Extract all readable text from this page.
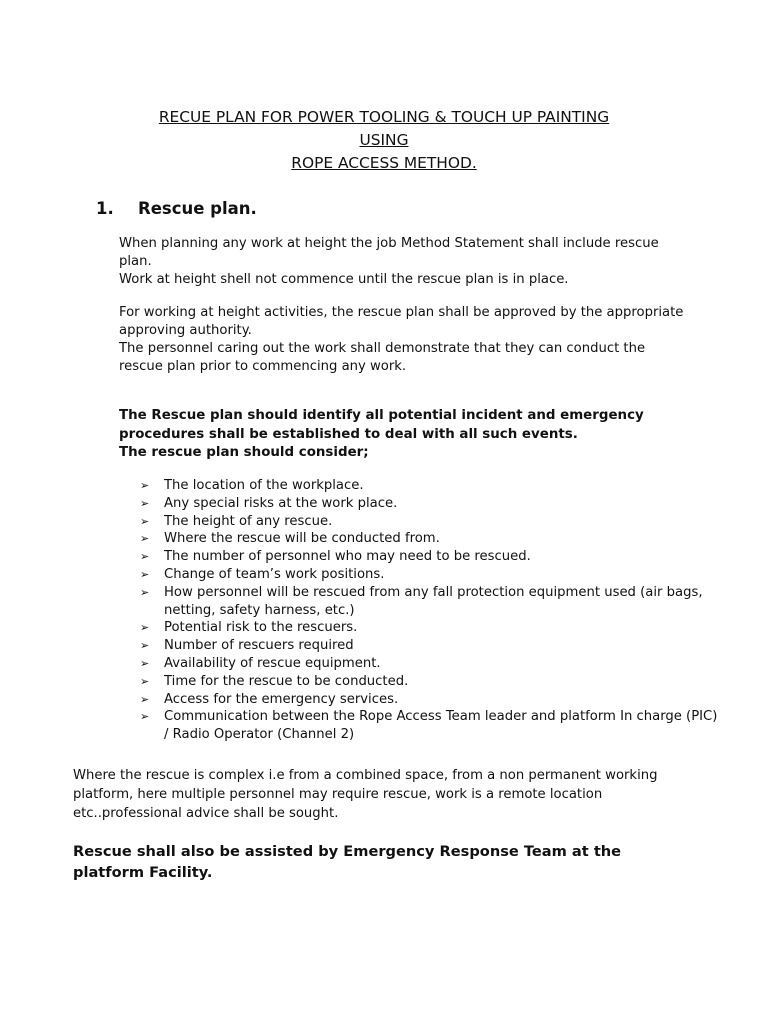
RECUE PLAN FOR POWER TOOLING & TOUCH UP PAINTING
USING
ROPE ACCESS METHOD.
1. Rescue plan.
When planning any work at height the job Method Statement shall include rescue
plan.
Work at height shell not commence until the rescue plan is in place.
For working at height activities, the rescue plan shall be approved by the appropriate
approving authority.
The personnel caring out the work shall demonstrate that they can conduct the
rescue plan prior to commencing any work.
The Rescue plan should identify all potential incident and emergency
procedures shall be established to deal with all such events.
The rescue plan should consider;
➢ The location of the workplace.
➢ Any special risks at the work place.
➢ The height of any rescue.
➢ Where the rescue will be conducted from.
➢ The number of personnel who may need to be rescued.
➢ Change of team’s work positions.
➢ How personnel will be rescued from any fall protection equipment used (air bags, netting, safety harness, etc.)
➢ Potential risk to the rescuers.
➢ Number of rescuers required
➢ Availability of rescue equipment.
➢ Time for the rescue to be conducted.
➢ Access for the emergency services.
➢ Communication between the Rope Access Team leader and platform In charge (PIC) / Radio Operator (Channel 2)
Where the rescue is complex i.e from a combined space, from a non permanent working
platform, here multiple personnel may require rescue, work is a remote location
etc..professional advice shall be sought.
Rescue shall also be assisted by Emergency Response Team at the
platform Facility.
